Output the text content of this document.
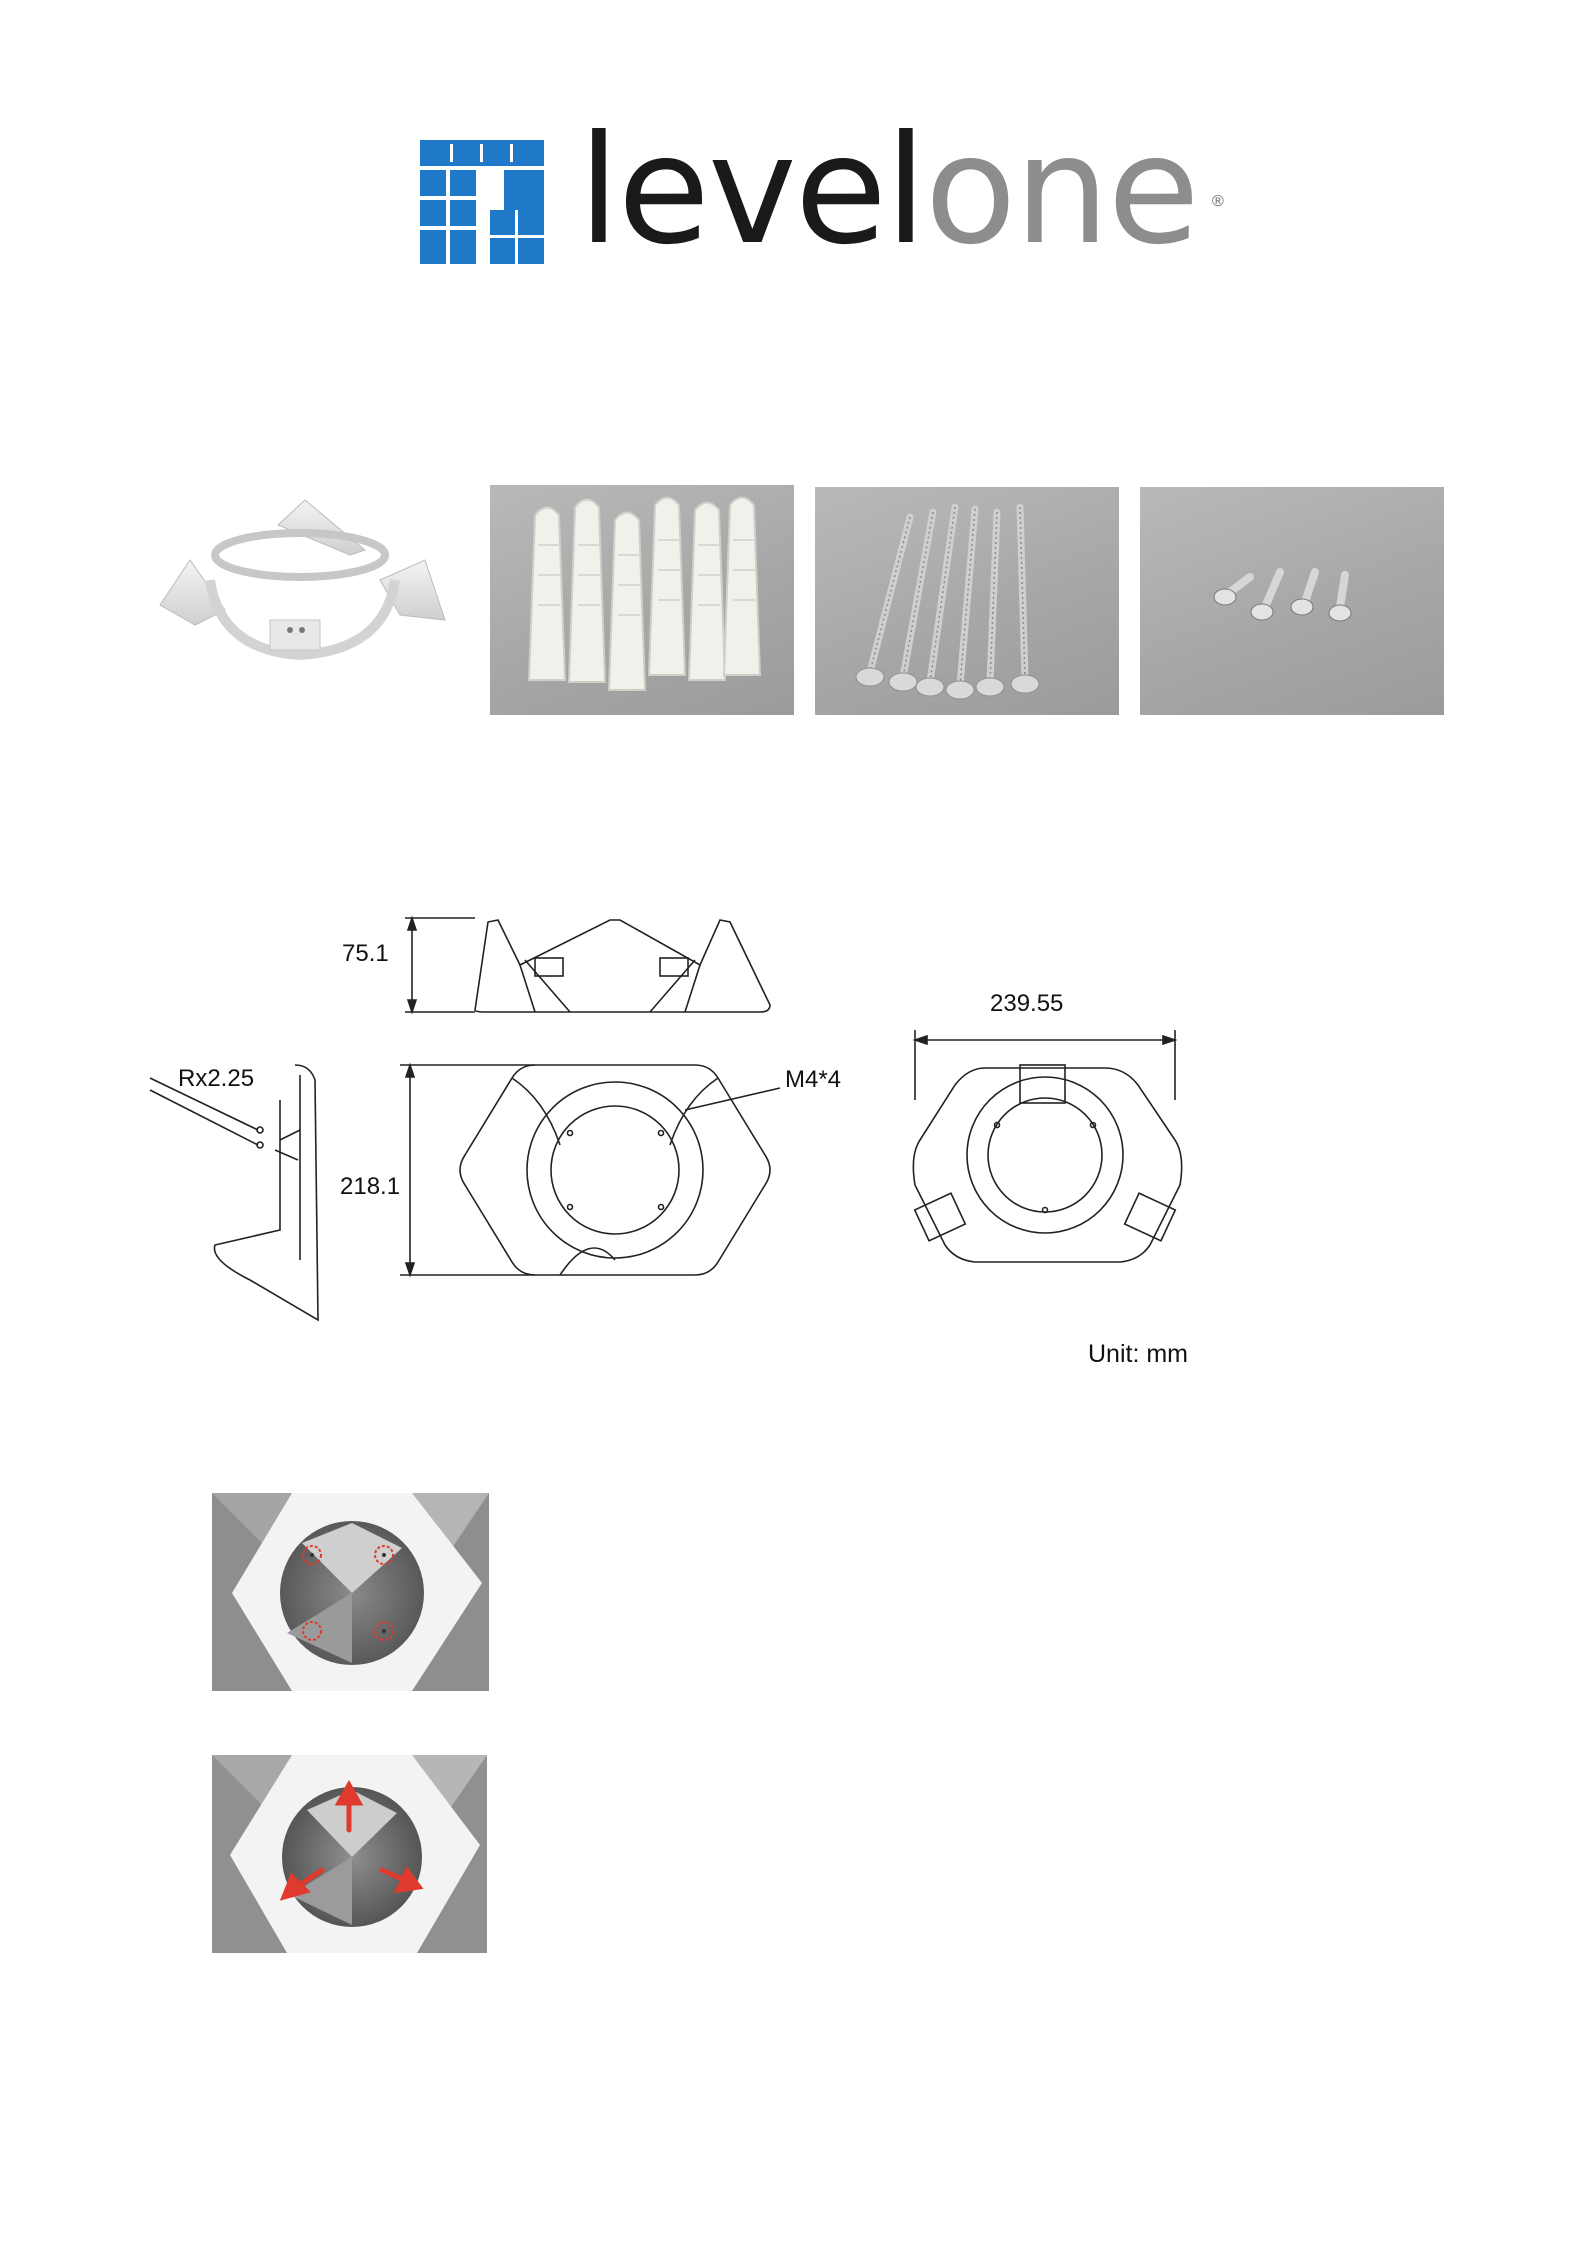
levelone ®
75.1
Rx2.25
218.1
M4*4
239.55
Unit: mm
